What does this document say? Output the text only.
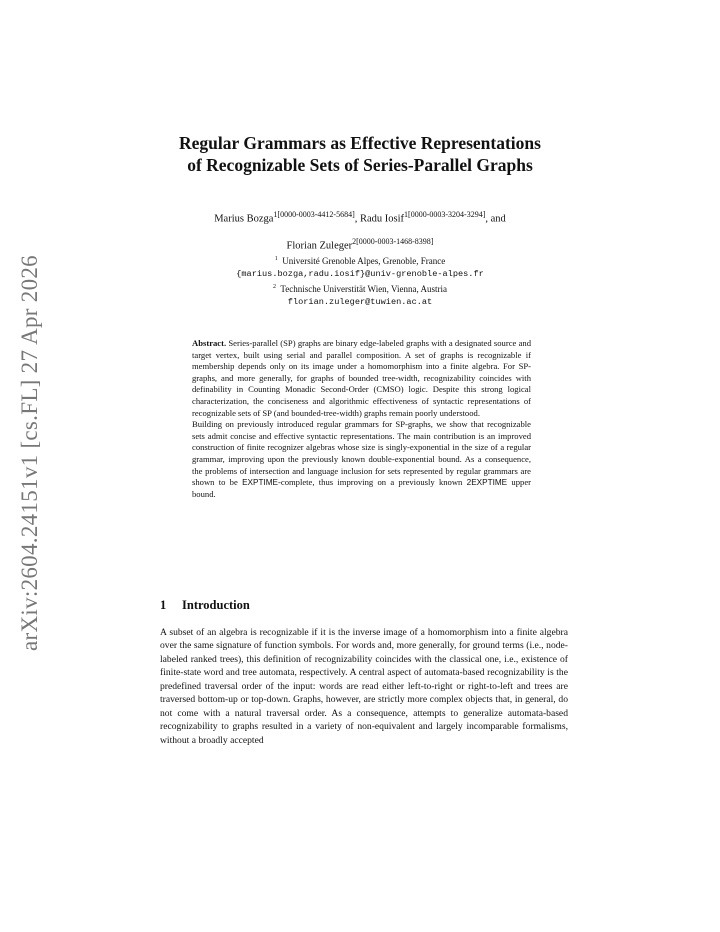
arXiv:2604.24151v1 [cs.FL] 27 Apr 2026
Regular Grammars as Effective Representations
of Recognizable Sets of Series-Parallel Graphs
Marius Bozga$^{1[0000-0003-4412-5684]}$, Radu Iosif$^{1[0000-0003-3204-3294]}$, and
Florian Zuleger$^{2[0000-0003-1468-8398]}$
$^1$ Université Grenoble Alpes, Grenoble, France
{marius.bozga,radu.iosif}@univ-grenoble-alpes.fr
$^2$ Technische Universtität Wien, Vienna, Austria
florian.zuleger@tuwien.ac.at

Abstract. Series-parallel (SP) graphs are binary edge-labeled graphs with a designated source and target vertex, built using serial and parallel composition. A set of graphs is recognizable if membership depends only on its image under a homomorphism into a finite algebra. For SP-graphs, and more generally, for graphs of bounded tree-width, recognizability coincides with definability in Counting Monadic Second-Order (CMSO) logic. Despite this strong logical characterization, the conciseness and algorithmic effectiveness of syntactic representations of recognizable sets of SP (and bounded-tree-width) graphs remain poorly understood.

Building on previously introduced regular grammars for SP-graphs, we show that recognizable sets admit concise and effective syntactic representations. The main contribution is an improved construction of finite recognizer algebras whose size is singly-exponential in the size of a regular grammar, improving upon the previously known double-exponential bound. As a consequence, the problems of intersection and language inclusion for sets represented by regular grammars are shown to be EXPTIME-complete, thus improving on a previously known 2EXPTIME upper bound.

1 Introduction

A subset of an algebra is recognizable if it is the inverse image of a homomorphism into a finite algebra over the same signature of function symbols. For words and, more generally, for ground terms (i.e., node-labeled ranked trees), this definition of recognizability coincides with the classical one, i.e., existence of finite-state word and tree automata, respectively. A central aspect of automata-based recognizability is the predefined traversal order of the input: words are read either left-to-right or right-to-left and trees are traversed bottom-up or top-down. Graphs, however, are strictly more complex objects that, in general, do not come with a natural traversal order. As a consequence, attempts to generalize automata-based recognizability to graphs resulted in a variety of non-equivalent and largely incomparable formalisms, without a broadly accepted
